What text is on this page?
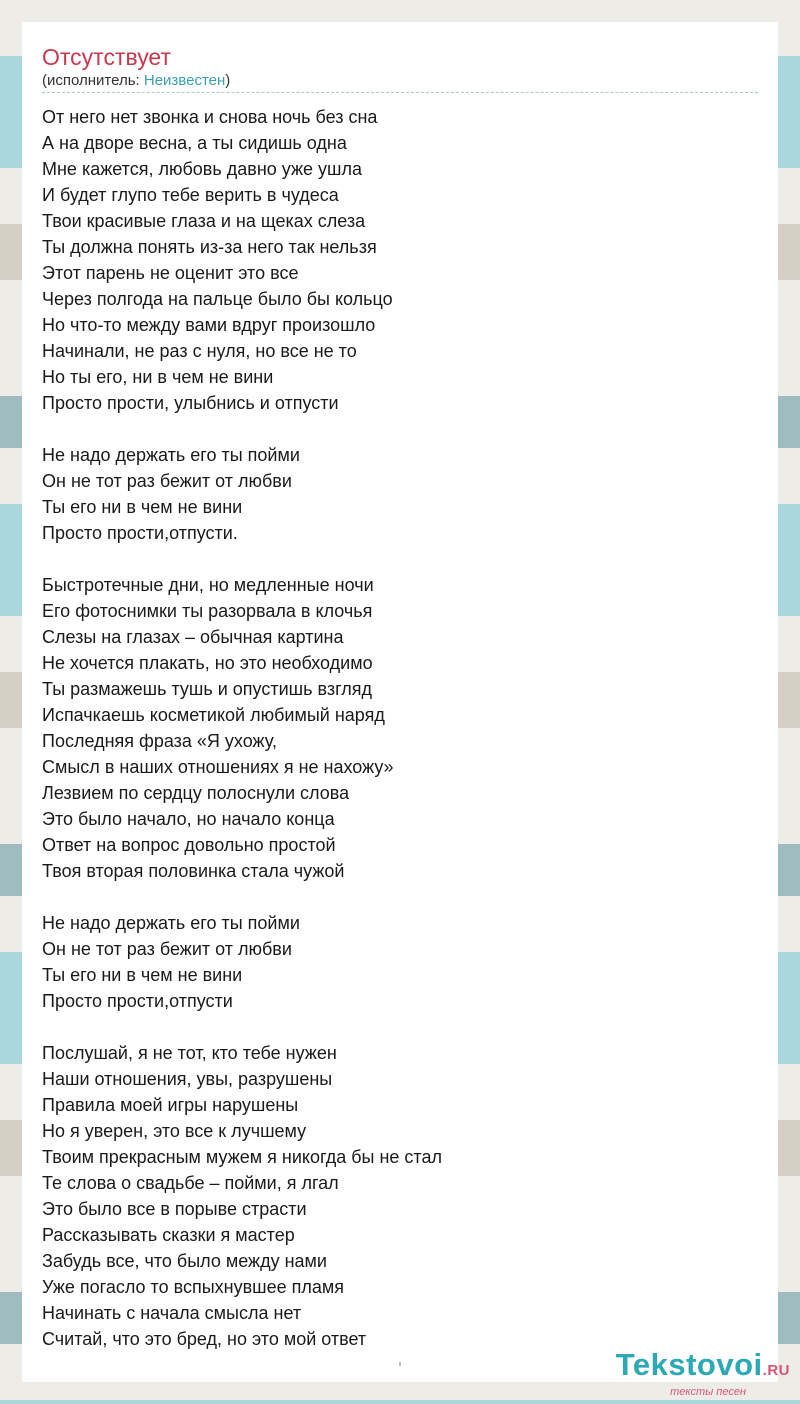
Отсутствует
(исполнитель: Неизвестен)
От него нет звонка и снова ночь без сна
А на дворе весна, а ты сидишь одна
Мне кажется, любовь давно уже ушла
И будет глупо тебе верить в чудеса
Твои красивые глаза и на щеках слеза
Ты должна понять из-за него так нельзя
Этот парень не оценит это все
Через полгода на пальце было бы кольцо
Но что-то между вами вдруг произошло
Начинали, не раз с нуля, но все не то
Но ты его, ни в чем не вини
Просто прости, улыбнись и отпусти
Не надо держать его ты пойми
Он не тот раз бежит от любви
Ты его ни в чем не вини
Просто прости,отпусти.
Быстротечные дни, но медленные ночи
Его фотоснимки ты разорвала в клочья
Слезы на глазах – обычная картина
Не хочется плакать, но это необходимо
Ты размажешь тушь и опустишь взгляд
Испачкаешь косметикой любимый наряд
Последняя фраза «Я ухожу,
Смысл в наших отношениях я не нахожу»
Лезвием по сердцу полоснули слова
Это было начало, но начало конца
Ответ на вопрос довольно простой
Твоя вторая половинка стала чужой
Не надо держать его ты пойми
Он не тот раз бежит от любви
Ты его ни в чем не вини
Просто прости,отпусти
Послушай, я не тот, кто тебе нужен
Наши отношения, увы, разрушены
Правила моей игры нарушены
Но я уверен, это все к лучшему
Твоим прекрасным мужем я никогда бы не стал
Те слова о свадьбе – пойми, я лгал
Это было все в порыве страсти
Рассказывать сказки я мастер
Забудь все, что было между нами
Уже погасло то вспыхнувшее пламя
Начинать с начала смысла нет
Считай, что это бред, но это мой ответ
Tekstovoi.RU
тексты песен
